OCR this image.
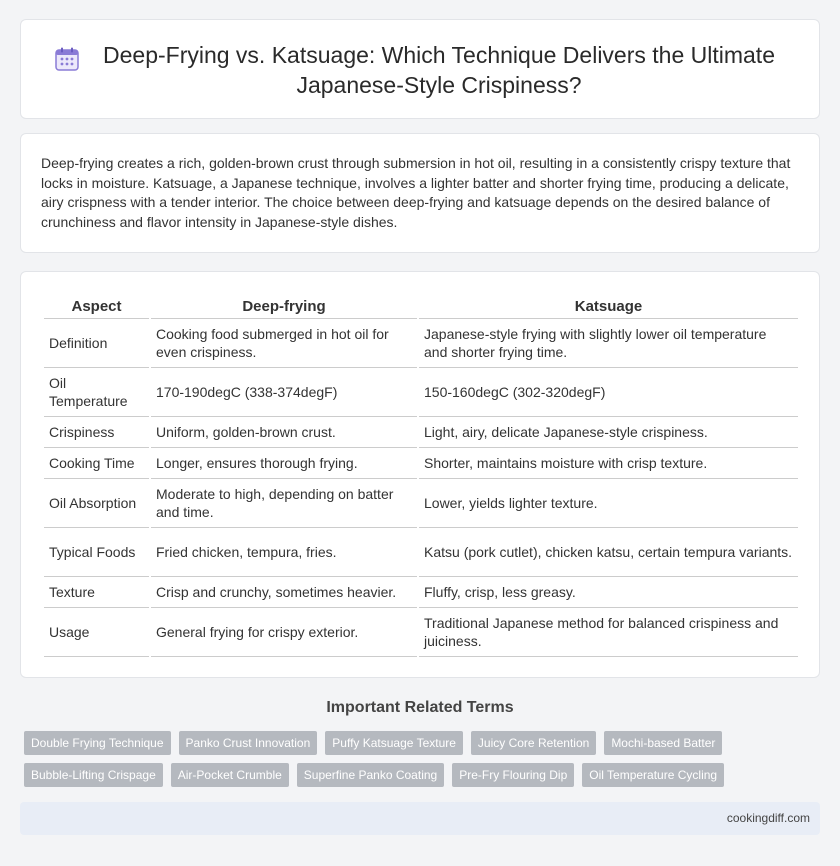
Deep-Frying vs. Katsuage: Which Technique Delivers the Ultimate Japanese-Style Crispiness?

Deep-frying creates a rich, golden-brown crust through submersion in hot oil, resulting in a consistently crispy texture that locks in moisture. Katsuage, a Japanese technique, involves a lighter batter and shorter frying time, producing a delicate, airy crispness with a tender interior. The choice between deep-frying and katsuage depends on the desired balance of crunchiness and flavor intensity in Japanese-style dishes.

Aspect	Deep-frying	Katsuage
Definition	Cooking food submerged in hot oil for even crispiness.	Japanese-style frying with slightly lower oil temperature and shorter frying time.
Oil Temperature	170-190degC (338-374degF)	150-160degC (302-320degF)
Crispiness	Uniform, golden-brown crust.	Light, airy, delicate Japanese-style crispiness.
Cooking Time	Longer, ensures thorough frying.	Shorter, maintains moisture with crisp texture.
Oil Absorption	Moderate to high, depending on batter and time.	Lower, yields lighter texture.
Typical Foods	Fried chicken, tempura, fries.	Katsu (pork cutlet), chicken katsu, certain tempura variants.
Texture	Crisp and crunchy, sometimes heavier.	Fluffy, crisp, less greasy.
Usage	General frying for crispy exterior.	Traditional Japanese method for balanced crispiness and juiciness.
Important Related Terms
Double Frying Technique	Panko Crust Innovation	Puffy Katsuage Texture	Juicy Core Retention	Mochi-based Batter
Bubble-Lifting Crispage	Air-Pocket Crumble	Superfine Panko Coating	Pre-Fry Flouring Dip	Oil Temperature Cycling
cookingdiff.com
